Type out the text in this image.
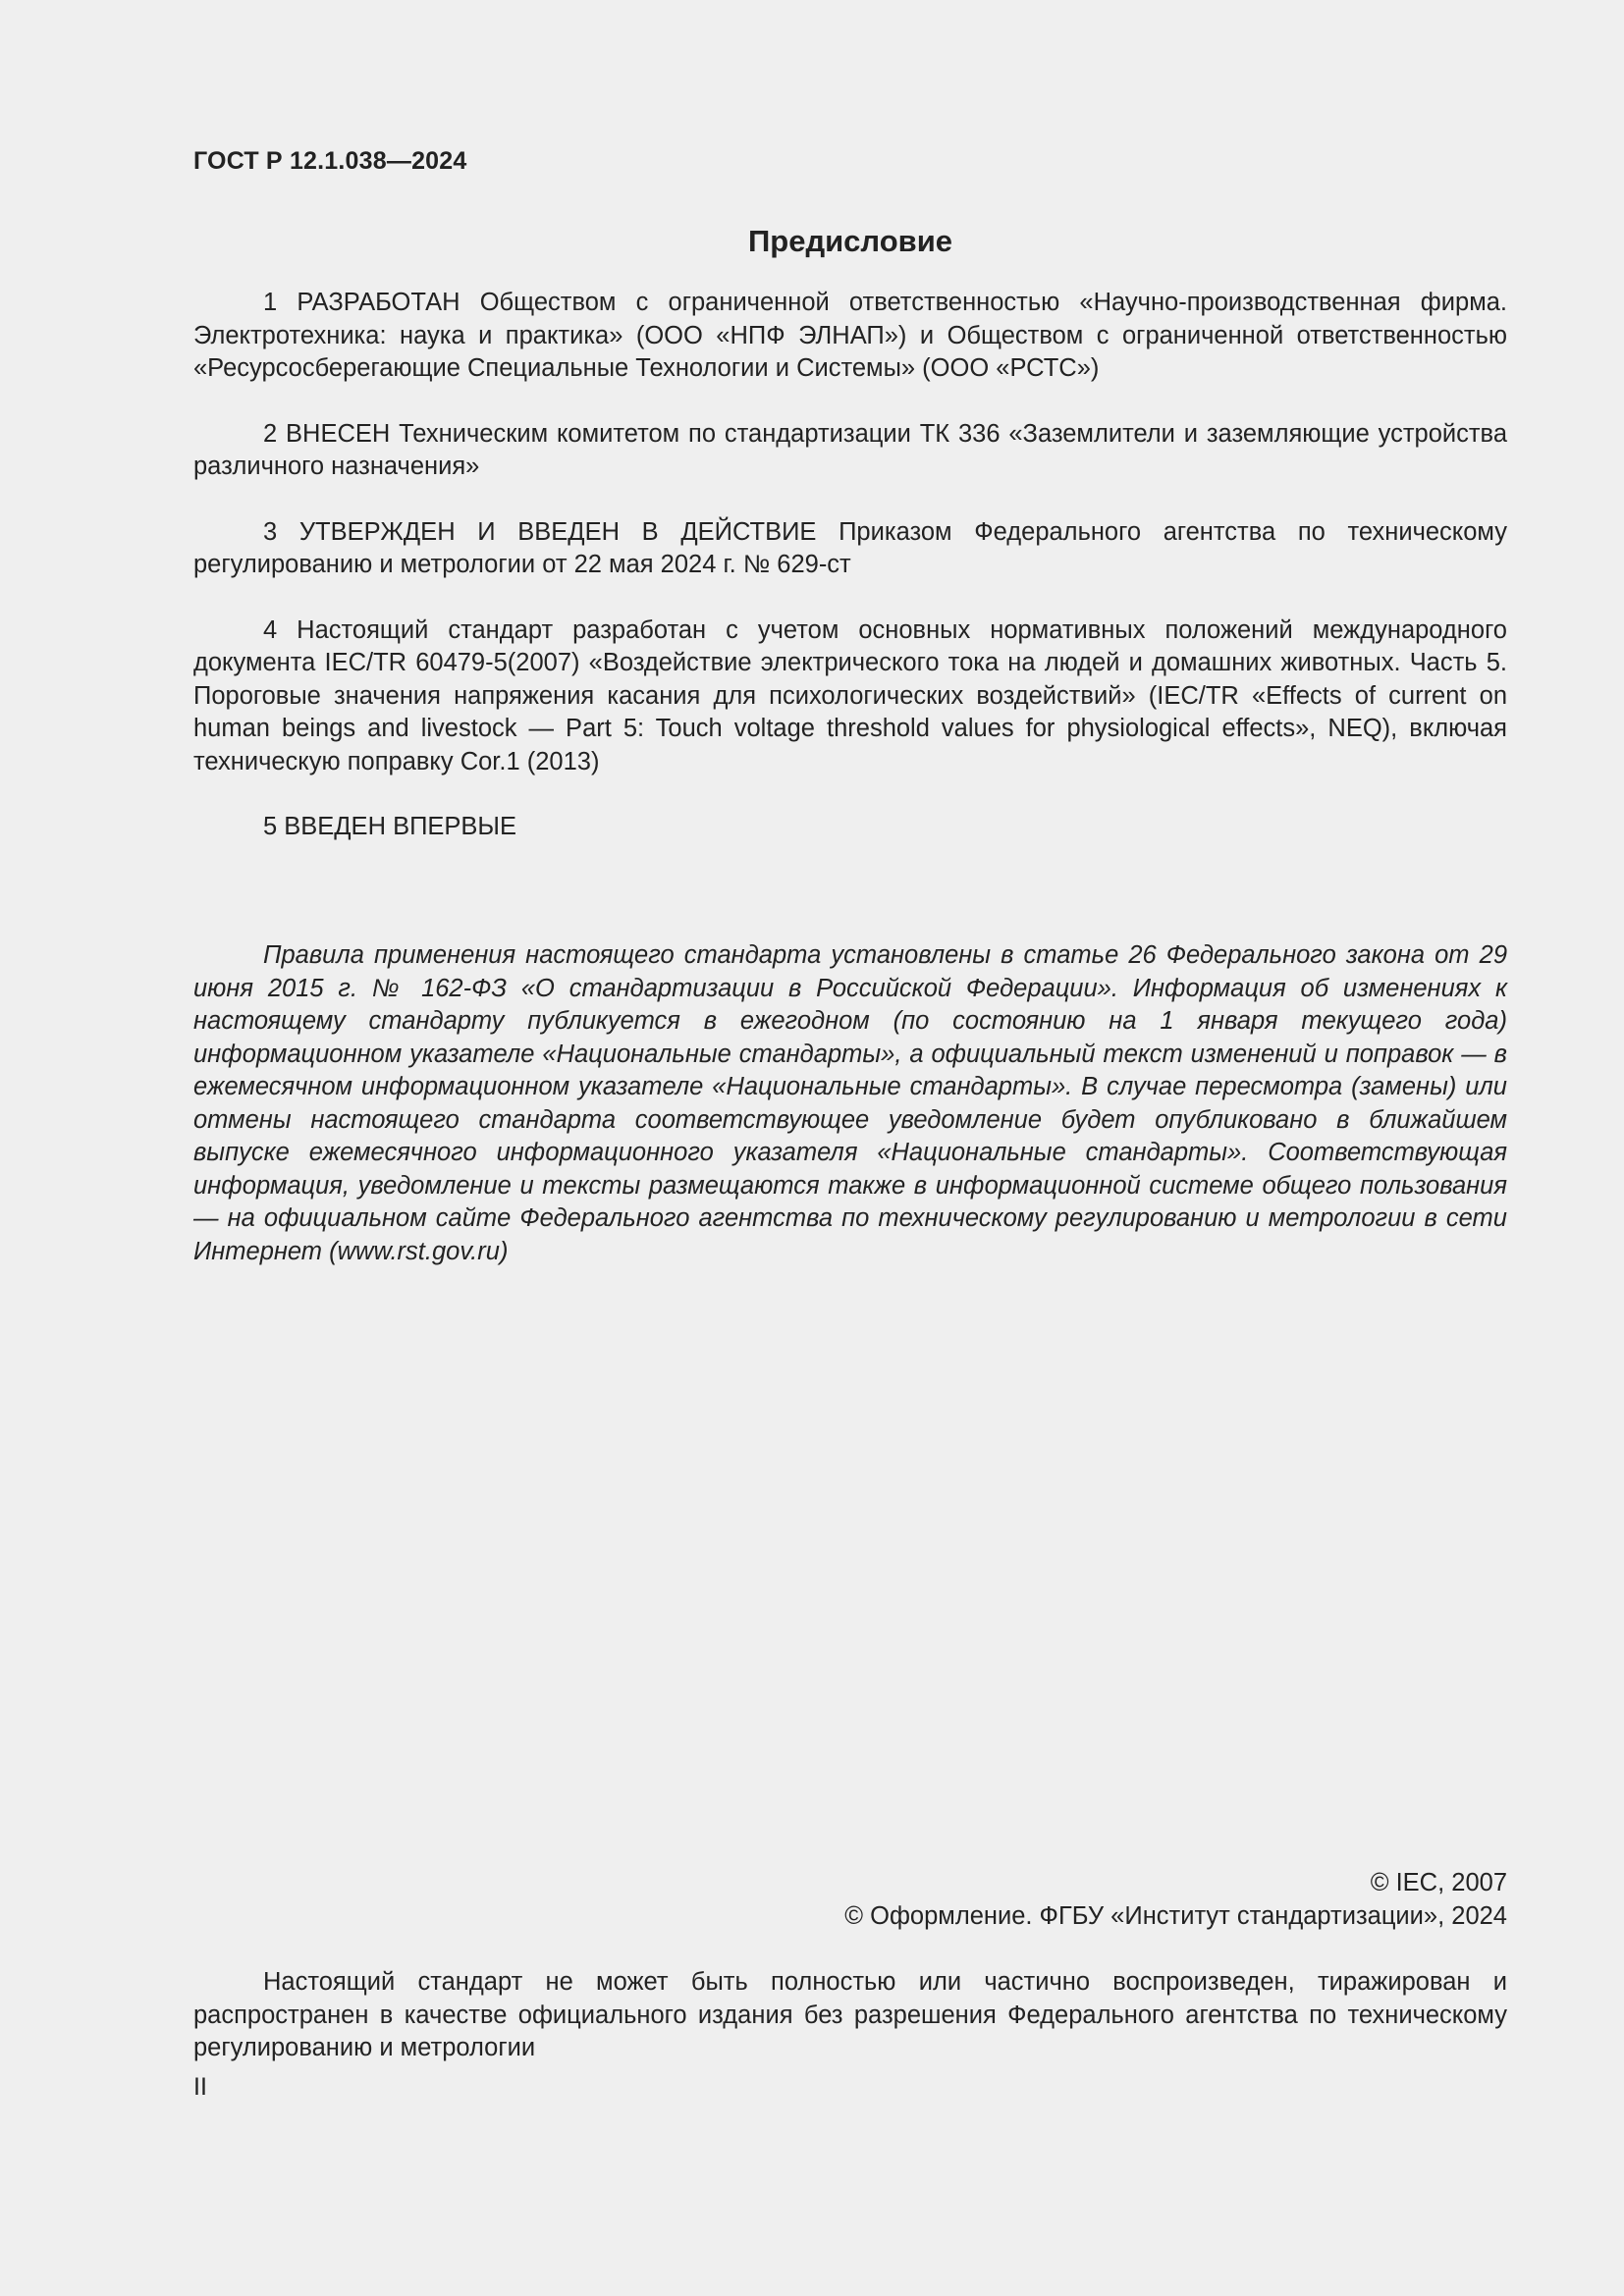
ГОСТ Р 12.1.038—2024
Предисловие

1 РАЗРАБОТАН Обществом с ограниченной ответственностью «Научно-производственная фирма. Электротехника: наука и практика» (ООО «НПФ ЭЛНАП») и Обществом с ограниченной ответственностью «Ресурсосберегающие Специальные Технологии и Системы» (ООО «РСТС»)

2 ВНЕСЕН Техническим комитетом по стандартизации ТК 336 «Заземлители и заземляющие устройства различного назначения»

3 УТВЕРЖДЕН И ВВЕДЕН В ДЕЙСТВИЕ Приказом Федерального агентства по техническому регулированию и метрологии от 22 мая 2024 г. № 629-ст

4 Настоящий стандарт разработан с учетом основных нормативных положений международного документа IEC/TR 60479-5(2007) «Воздействие электрического тока на людей и домашних животных. Часть 5. Пороговые значения напряжения касания для психологических воздействий» (IEC/TR «Effects of current on human beings and livestock — Part 5: Touch voltage threshold values for physiological effects», NEQ), включая техническую поправку Cor.1 (2013)

5 ВВЕДЕН ВПЕРВЫЕ

Правила применения настоящего стандарта установлены в статье 26 Федерального закона от 29 июня 2015 г. № 162-ФЗ «О стандартизации в Российской Федерации». Информация об изменениях к настоящему стандарту публикуется в ежегодном (по состоянию на 1 января текущего года) информационном указателе «Национальные стандарты», а официальный текст изменений и поправок — в ежемесячном информационном указателе «Национальные стандарты». В случае пересмотра (замены) или отмены настоящего стандарта соответствующее уведомление будет опубликовано в ближайшем выпуске ежемесячного информационного указателя «Национальные стандарты». Соответствующая информация, уведомление и тексты размещаются также в информационной системе общего пользования — на официальном сайте Федерального агентства по техническому регулированию и метрологии в сети Интернет (www.rst.gov.ru)

© IEC, 2007
© Оформление. ФГБУ «Институт стандартизации», 2024

Настоящий стандарт не может быть полностью или частично воспроизведен, тиражирован и распространен в качестве официального издания без разрешения Федерального агентства по техническому регулированию и метрологии

II
